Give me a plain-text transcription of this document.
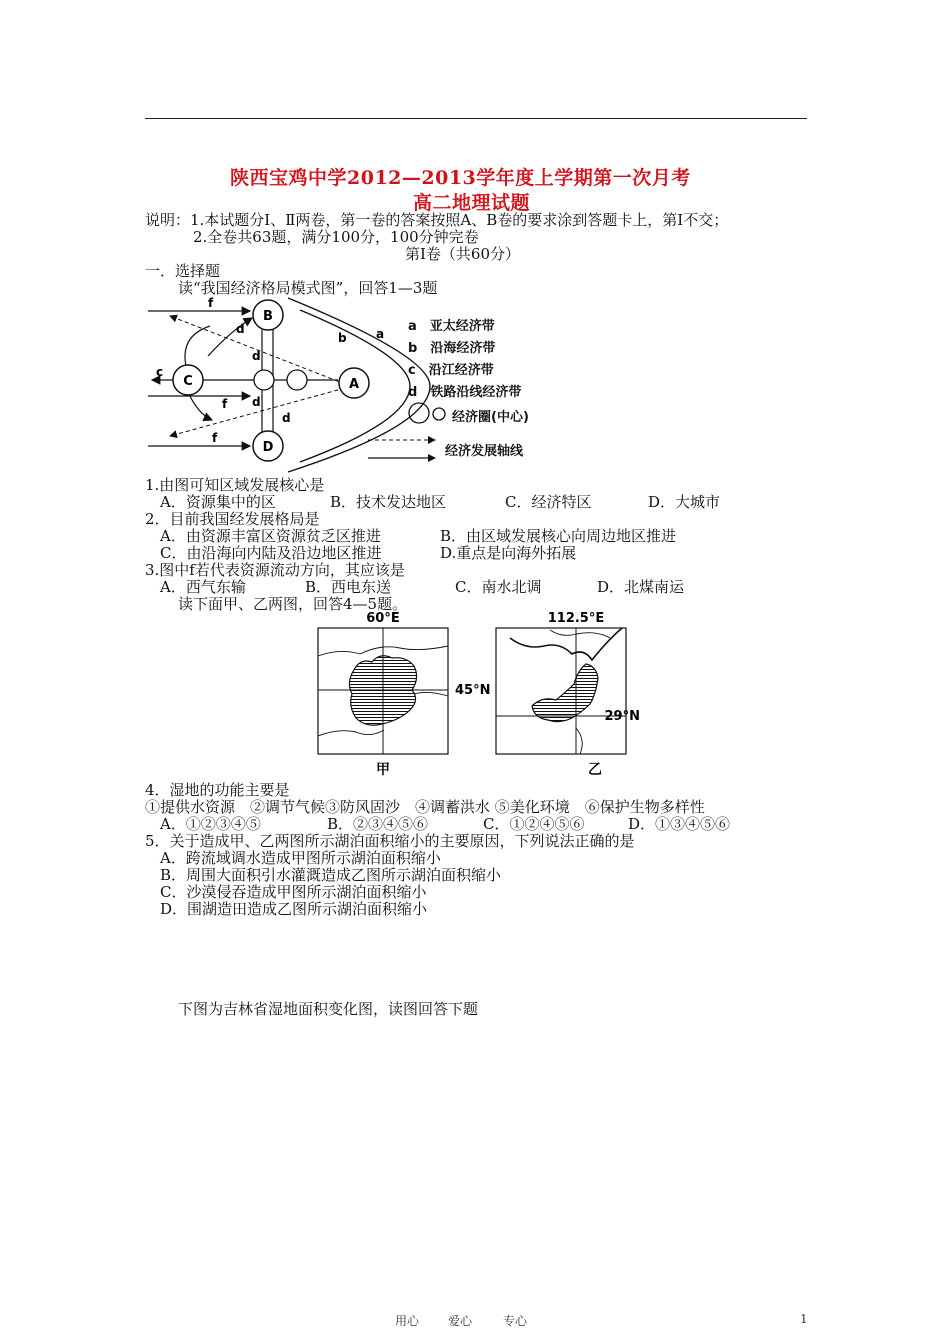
陕西宝鸡中学2012—2013学年度上学期第一次月考
高二地理试题
说明：1.本试题分Ⅰ、Ⅱ两卷，第一卷的答案按照A、B卷的要求涂到答题卡上，第Ⅰ不交；
2.全卷共63题，满分100分，100分钟完卷
第Ⅰ卷（共60分）
一．选择题
读“我国经济格局模式图”，回答1—3题
B
C	A
D
f
f
f
d
d
d
d
c
b a a　 亚太经济带
b　 沿海经济带
c　 沿江经济带
d　 铁路沿线经济带
经济圈(中心)
经济发展轴线
1.由图可知区域发展核心是
A．资源集中的区	B．技术发达地区	C．经济特区	D．大城市
2．目前我国经发展格局是
A．由资源丰富区资源贫乏区推进	B．由区域发展核心向周边地区推进
C．由沿海向内陆及沿边地区推进	D.重点是向海外拓展
3.图中f若代表资源流动方向，其应该是
A．西气东输	B．西电东送	C．南水北调	D．北煤南运
读下面甲、乙两图，回答4—5题。
60°E
45°N
甲
112.5°E
29°N
乙
4．湿地的功能主要是
①提供水资源　②调节气候③防风固沙　④调蓄洪水 ⑤美化环境　⑥保护生物多样性
A．①②③④⑤	B．②③④⑤⑥	C．①②④⑤⑥	D．①③④⑤⑥
5．关于造成甲、乙两图所示湖泊面积缩小的主要原因，下列说法正确的是
A．跨流域调水造成甲图所示湖泊面积缩小
B．周围大面积引水灌溉造成乙图所示湖泊面积缩小
C．沙漠侵吞造成甲图所示湖泊面积缩小
D．围湖造田造成乙图所示湖泊面积缩小
下图为吉林省湿地面积变化图，读图回答下题
用心 爱心	专心	1
